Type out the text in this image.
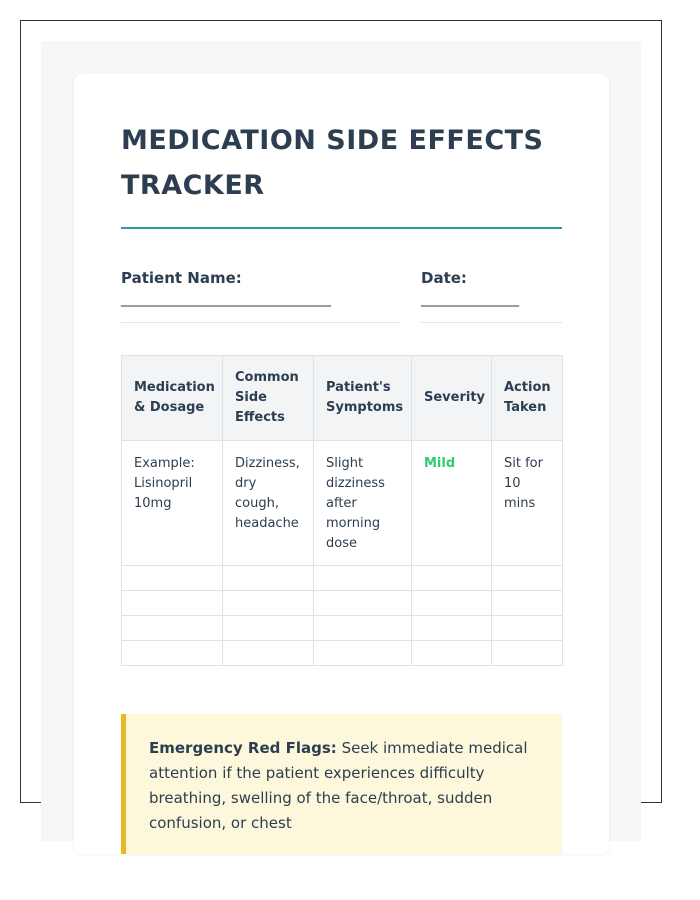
MEDICATION SIDE EFFECTS TRACKER
Patient Name:
______________________________
Date:
______________
Medication & Dosage	Common Side Effects	Patient's Symptoms	Severity	Action Taken
Example: Lisinopril 10mg	Dizziness, dry cough, headache	Slight dizziness after morning dose	Mild	Sit for 10 mins

Emergency Red Flags: Seek immediate medical attention if the patient experiences difficulty breathing, swelling of the face/throat, sudden confusion, or chest
